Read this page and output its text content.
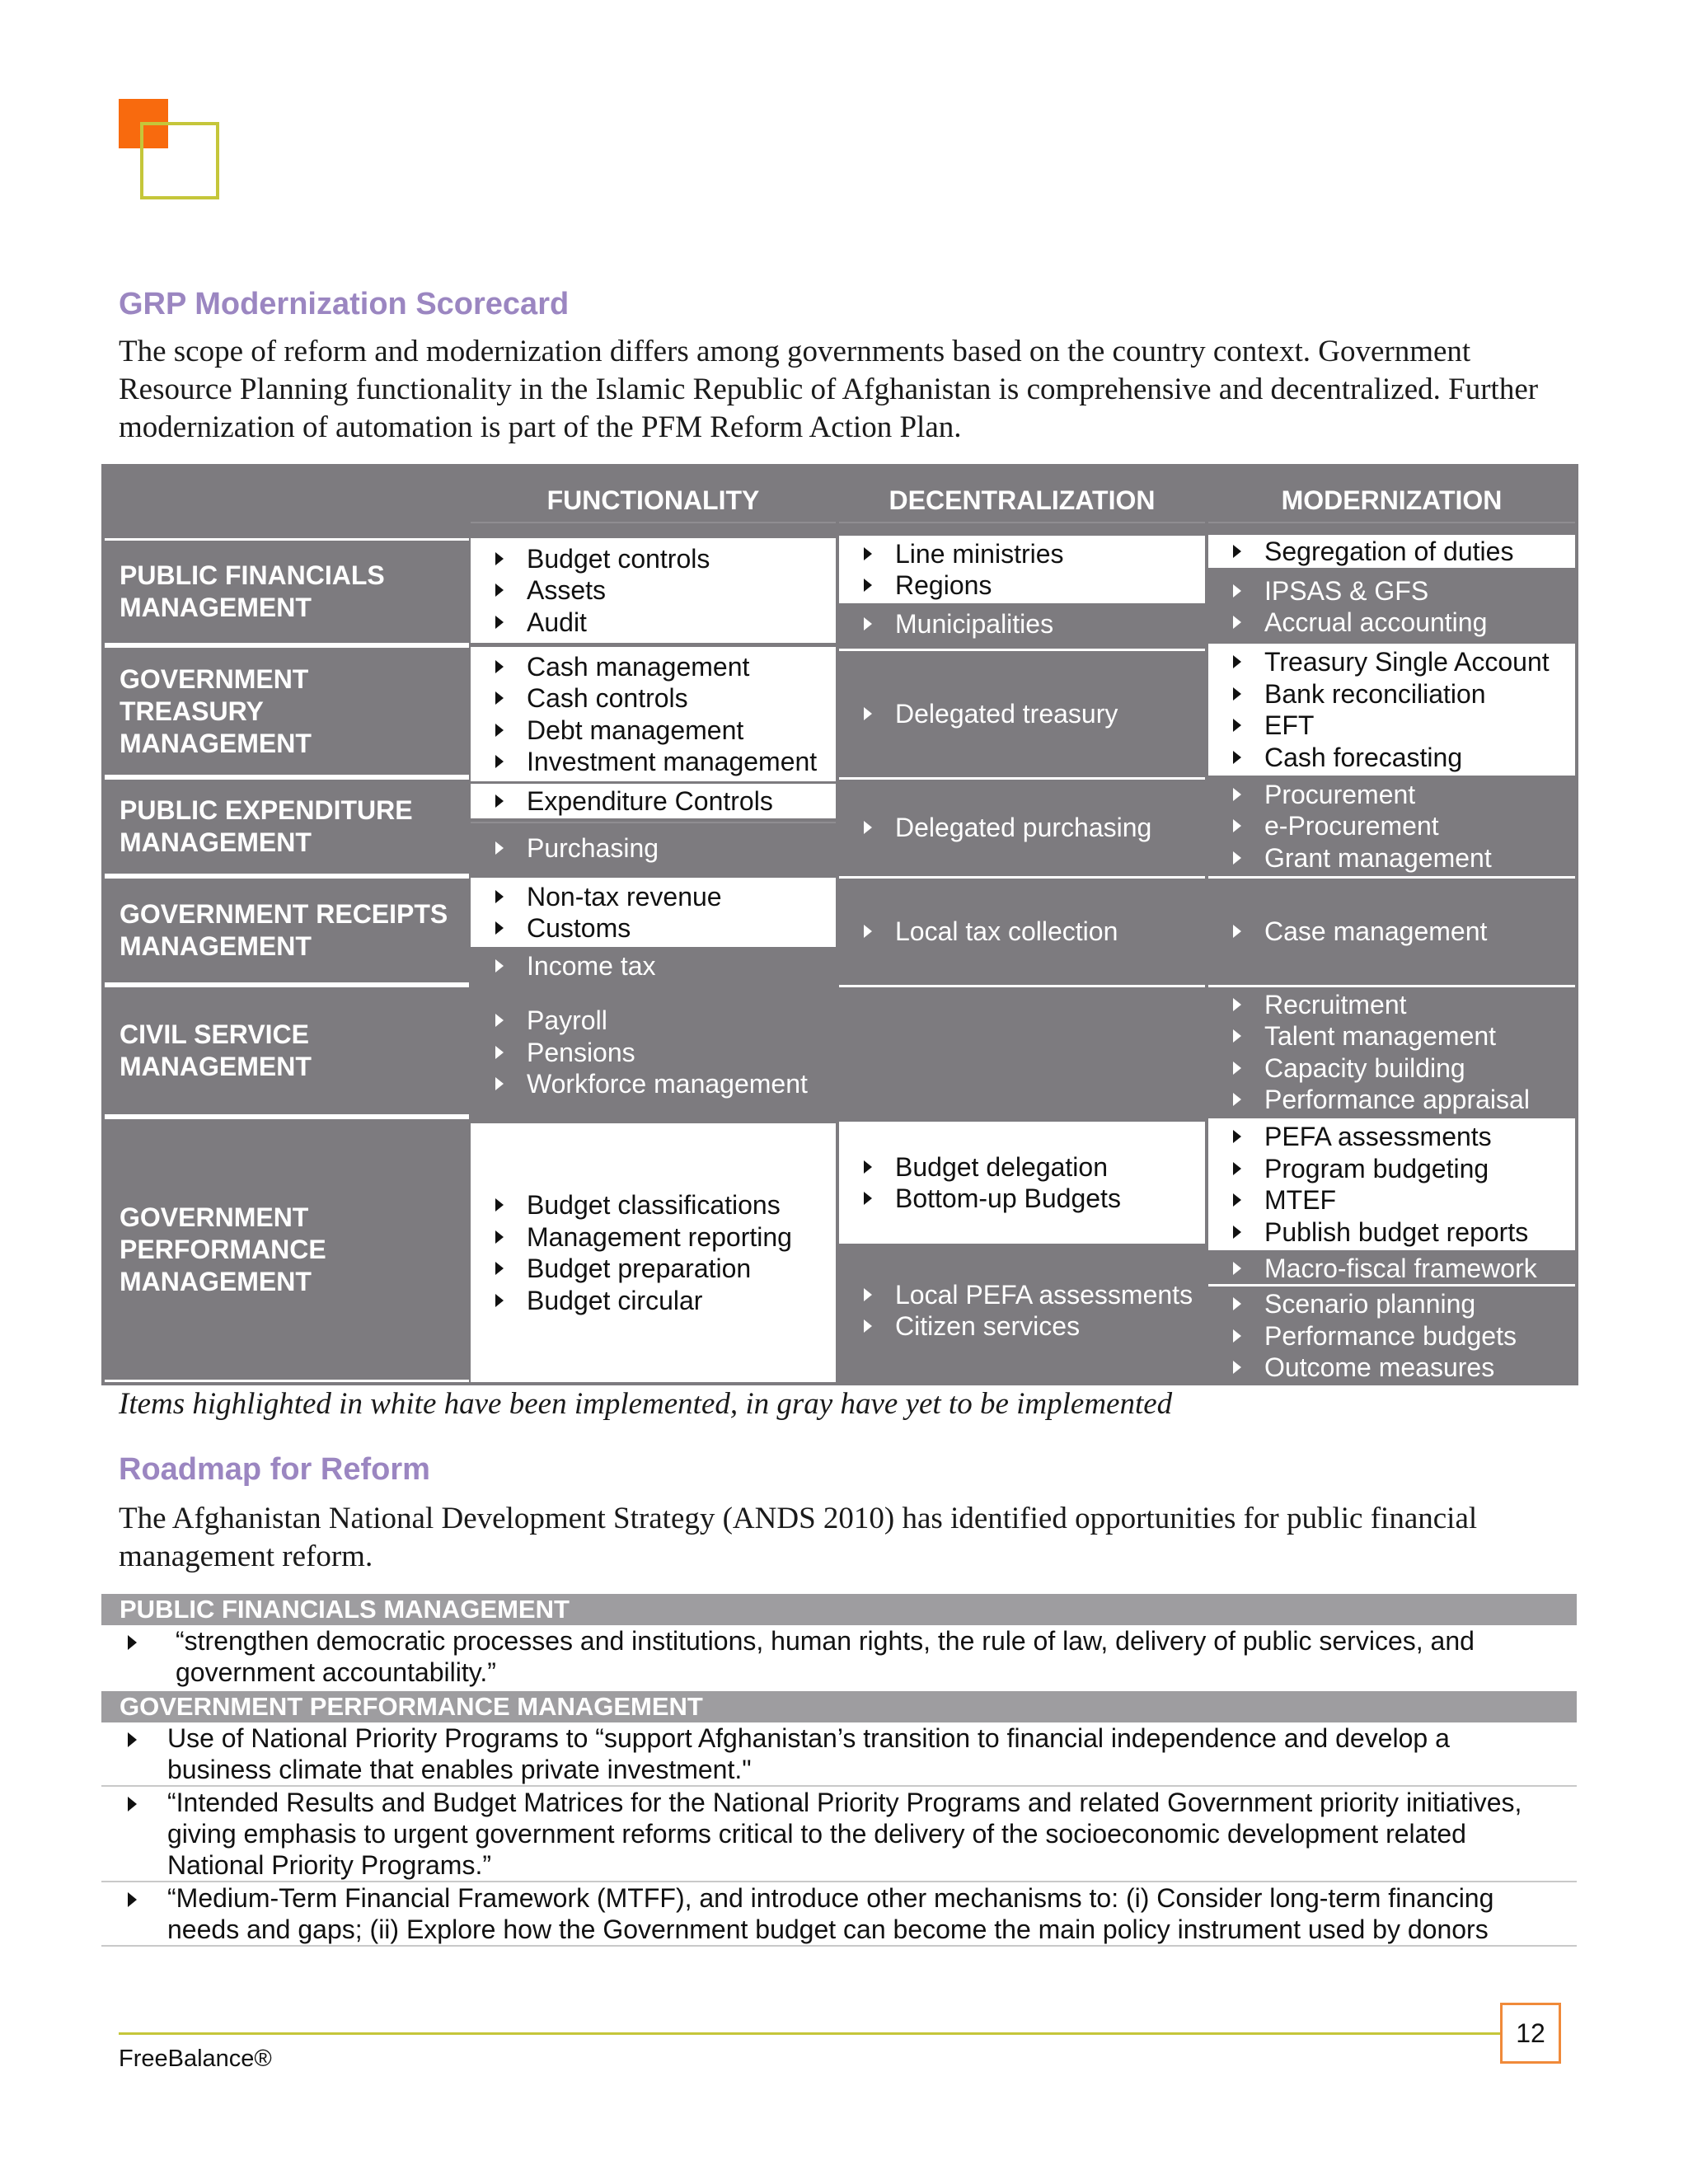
GRP Modernization Scorecard
The scope of reform and modernization differs among governments based on the country context. Government Resource Planning functionality in the Islamic Republic of Afghanistan is comprehensive and decentralized. Further modernization of automation is part of the PFM Reform Action Plan.
FUNCTIONALITY	DECENTRALIZATION	MODERNIZATION
PUBLIC FINANCIALS
MANAGEMENT
GOVERNMENT
TREASURY
MANAGEMENT
PUBLIC EXPENDITURE
MANAGEMENT
GOVERNMENT RECEIPTS
MANAGEMENT
CIVIL SERVICE
MANAGEMENT
GOVERNMENT
PERFORMANCE
MANAGEMENT
Budget controls
Assets
Audit
Cash management
Cash controls
Debt management
Investment management
Expenditure Controls
Purchasing
Non-tax revenue
Customs
Income tax
Payroll
Pensions
Workforce management
Budget classifications
Management reporting
Budget preparation
Budget circular
Line ministries
Regions
Municipalities
Delegated treasury
Delegated purchasing
Local tax collection
Budget delegation
Bottom-up Budgets
Local PEFA assessments
Citizen services
Segregation of duties
IPSAS & GFS
Accrual accounting
Treasury Single Account
Bank reconciliation
EFT
Cash forecasting
Procurement
e-Procurement
Grant management
Case management
Recruitment
Talent management
Capacity building
Performance appraisal
PEFA assessments
Program budgeting
MTEF
Publish budget reports
Macro-fiscal framework
Scenario planning
Performance budgets
Outcome measures
Items highlighted in white have been implemented, in gray have yet to be implemented
Roadmap for Reform
The Afghanistan National Development Strategy (ANDS 2010) has identified opportunities for public financial management reform.
PUBLIC FINANCIALS MANAGEMENT
“strengthen democratic processes and institutions, human rights, the rule of law, delivery of public services, and government accountability.”
GOVERNMENT PERFORMANCE MANAGEMENT
Use of National Priority Programs to “support Afghanistan’s transition to financial independence and develop a business climate that enables private investment."
“Intended Results and Budget Matrices for the National Priority Programs and related Government priority initiatives, giving emphasis to urgent government reforms critical to the delivery of the socioeconomic development related National Priority Programs.”
“Medium-Term Financial Framework (MTFF), and introduce other mechanisms to: (i) Consider long-term financing needs and gaps; (ii) Explore how the Government budget can become the main policy instrument used by donors
12
FreeBalance®
